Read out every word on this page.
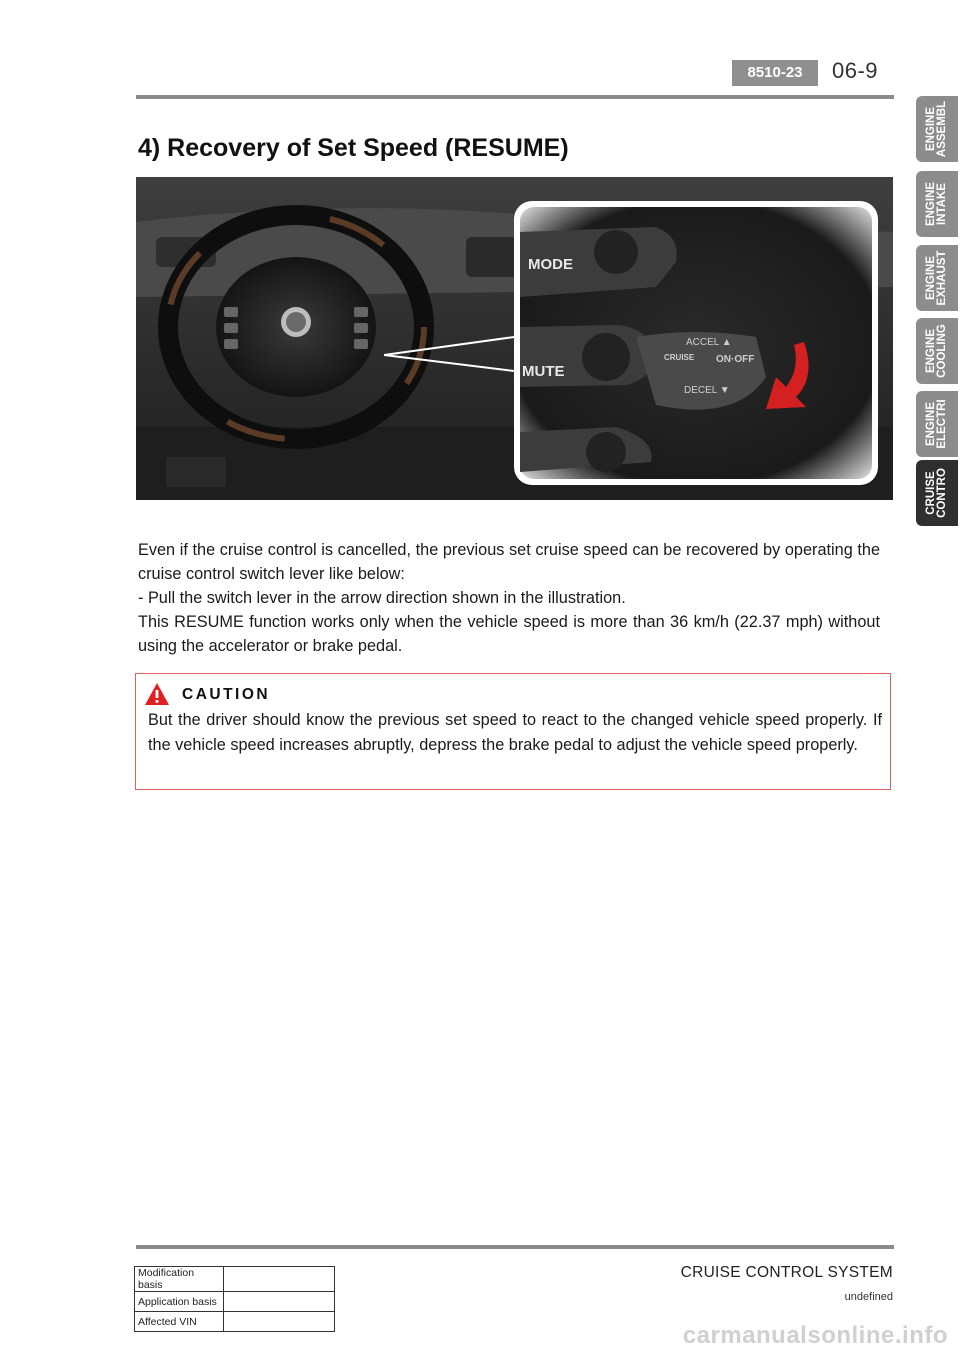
8510-23	06-9
ENGINE
ASSEMBL
ENGINE
INTAKE
ENGINE
EXHAUST
ENGINE
COOLING
ENGINE
ELECTRI
CRUISE
CONTRO
4) Recovery of Set Speed (RESUME)
MODE
MUTE
ACCEL ▲
ON·OFF
CRUISE
DECEL ▼

Even if the cruise control is cancelled, the previous set cruise speed can be recovered by operating the cruise control switch lever like below:

- Pull the switch lever in the arrow direction shown in the illustration.

This RESUME function works only when the vehicle speed is more than 36 km/h (22.37 mph) without using the accelerator or brake pedal.

CAUTION
But the driver should know the previous set speed to react to the changed vehicle speed properly. If the vehicle speed increases abruptly, depress the brake pedal to adjust the vehicle speed properly.
CRUISE CONTROL SYSTEM
undefined
Modification basis	
Application basis	
Affected VIN	
carmanualsonline.info
